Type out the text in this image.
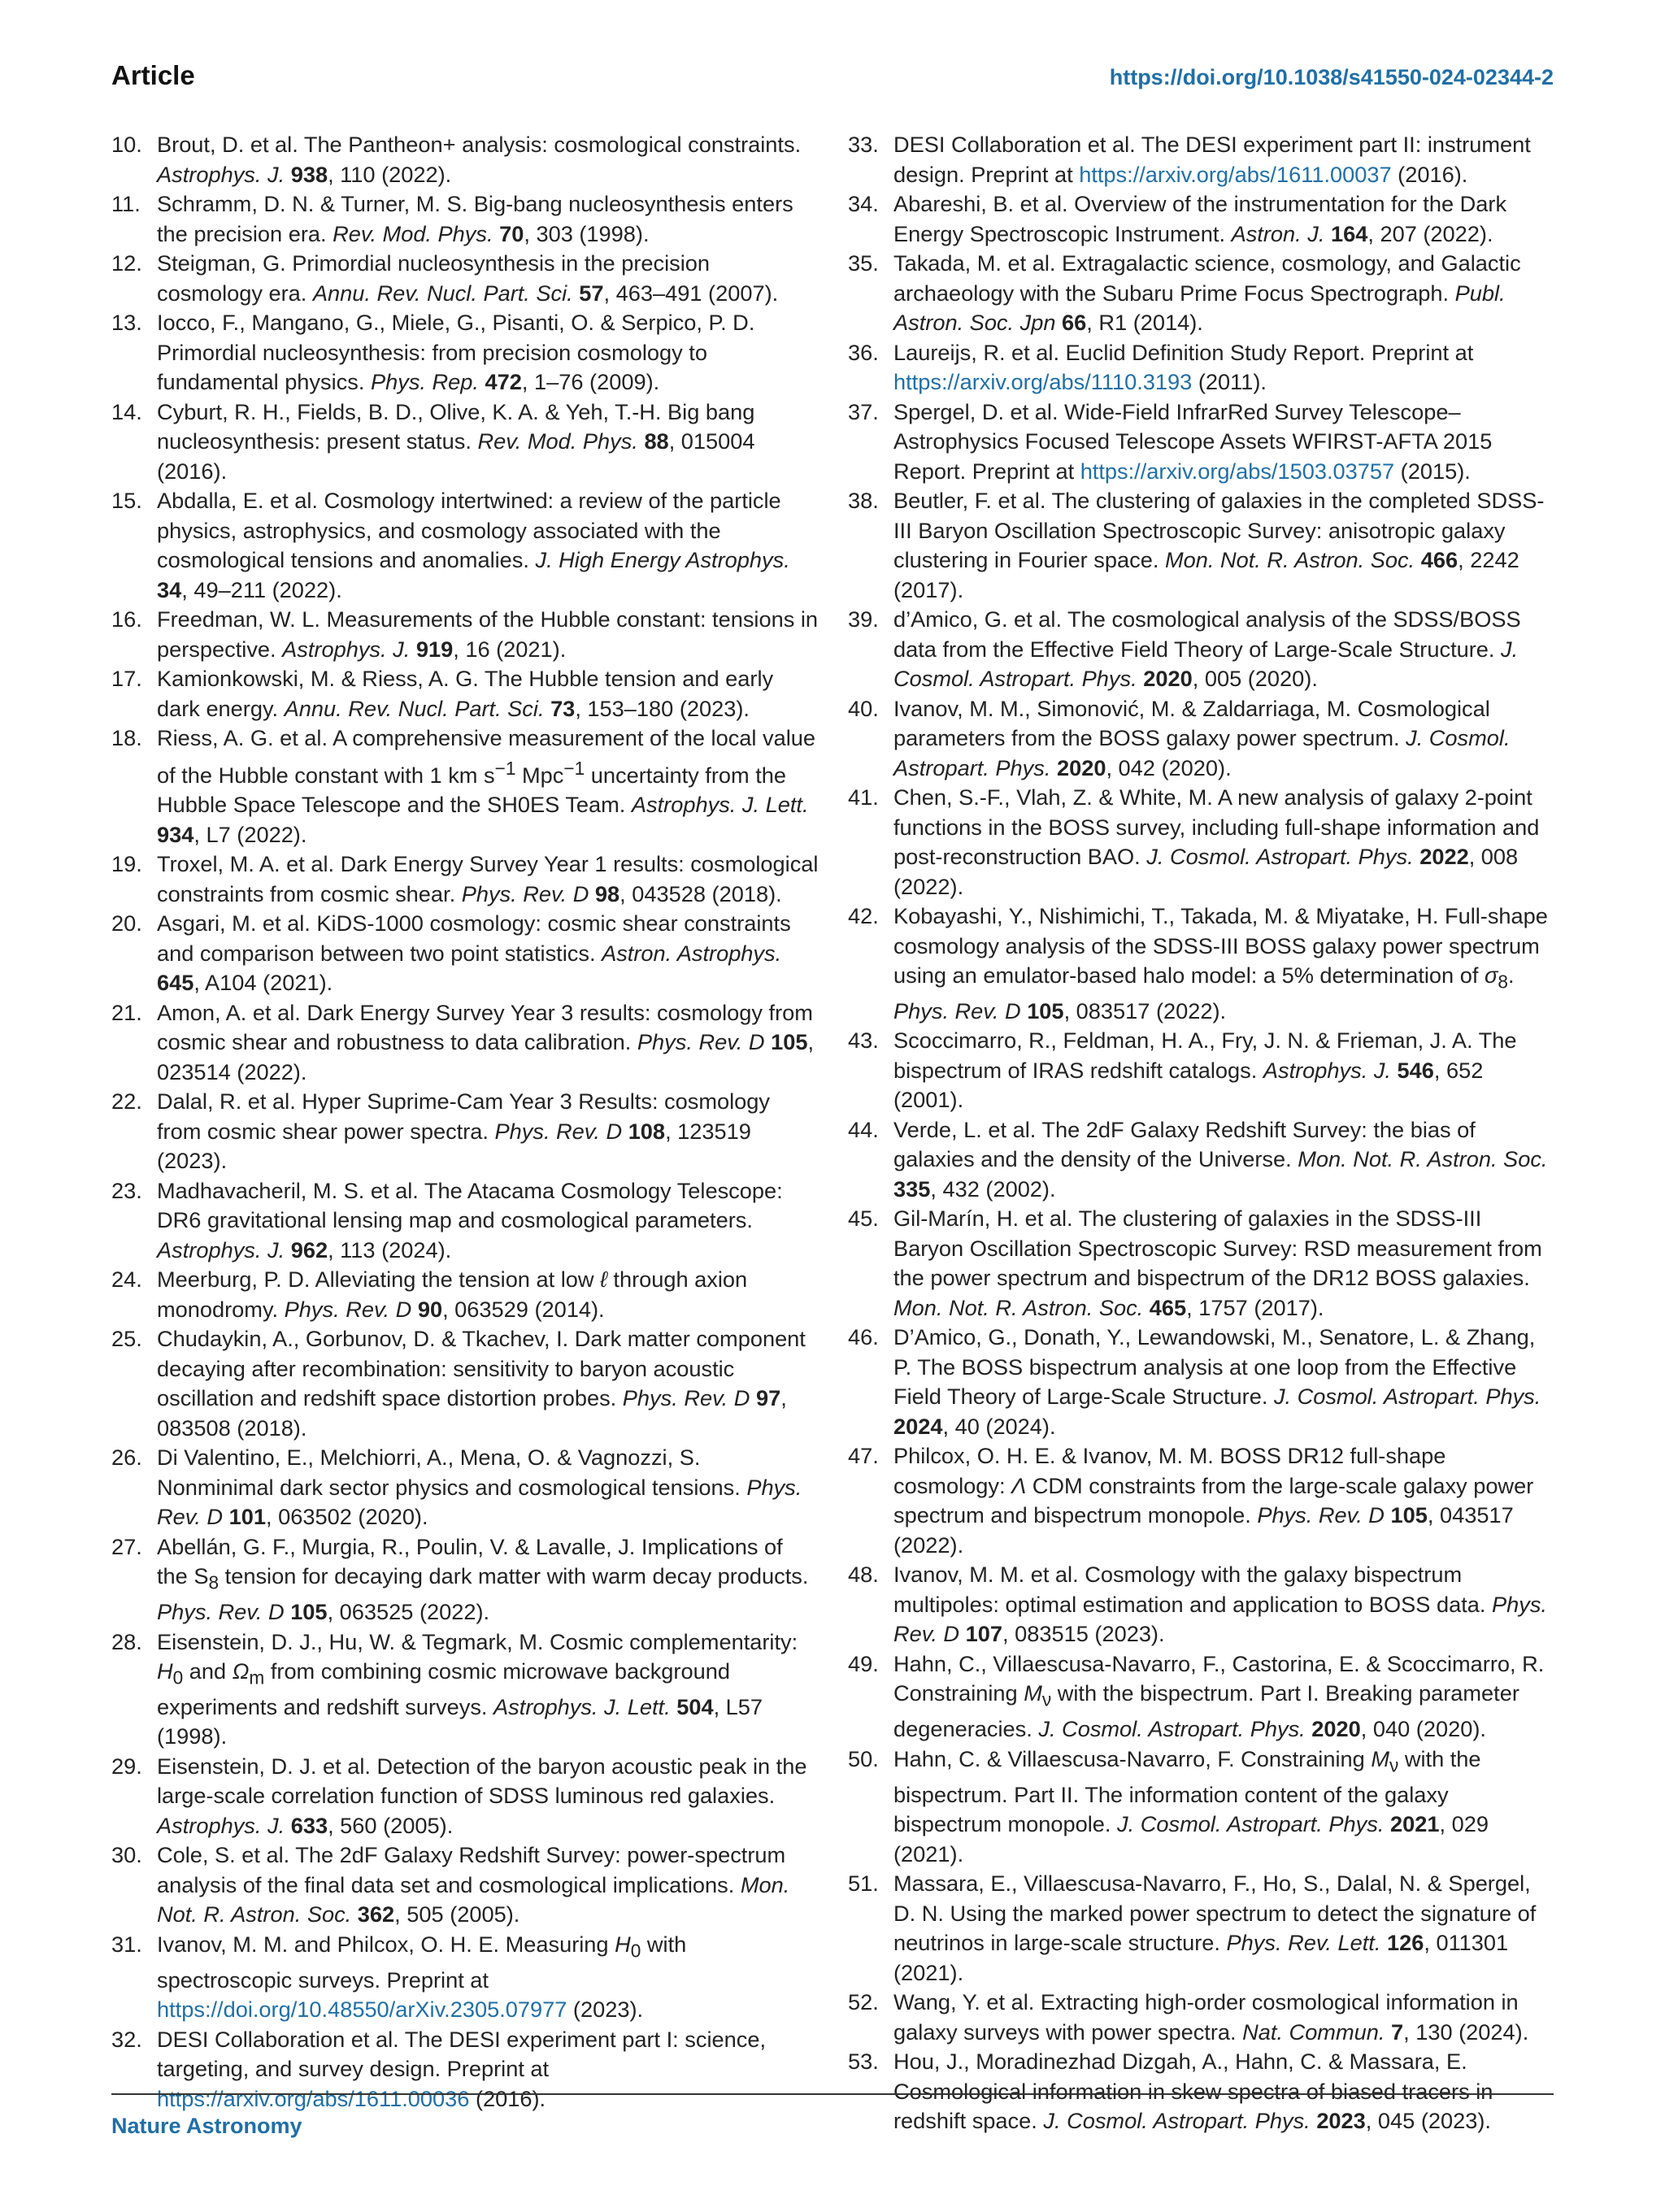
Article	https://doi.org/10.1038/s41550-024-02344-2
10. Brout, D. et al. The Pantheon+ analysis: cosmological constraints. Astrophys. J. 938, 110 (2022).
11. Schramm, D. N. & Turner, M. S. Big-bang nucleosynthesis enters the precision era. Rev. Mod. Phys. 70, 303 (1998).
12. Steigman, G. Primordial nucleosynthesis in the precision cosmology era. Annu. Rev. Nucl. Part. Sci. 57, 463–491 (2007).
13. Iocco, F., Mangano, G., Miele, G., Pisanti, O. & Serpico, P. D. Primordial nucleosynthesis: from precision cosmology to fundamental physics. Phys. Rep. 472, 1–76 (2009).
14. Cyburt, R. H., Fields, B. D., Olive, K. A. & Yeh, T.-H. Big bang nucleosynthesis: present status. Rev. Mod. Phys. 88, 015004 (2016).
15. Abdalla, E. et al. Cosmology intertwined: a review of the particle physics, astrophysics, and cosmology associated with the cosmological tensions and anomalies. J. High Energy Astrophys. 34, 49–211 (2022).
16. Freedman, W. L. Measurements of the Hubble constant: tensions in perspective. Astrophys. J. 919, 16 (2021).
17. Kamionkowski, M. & Riess, A. G. The Hubble tension and early dark energy. Annu. Rev. Nucl. Part. Sci. 73, 153–180 (2023).
18. Riess, A. G. et al. A comprehensive measurement of the local value of the Hubble constant with 1 km $s^{-1}$ Mpc$^{-1}$ uncertainty from the Hubble Space Telescope and the SH0ES Team. Astrophys. J. Lett. 934, L7 (2022).
19. Troxel, M. A. et al. Dark Energy Survey Year 1 results: cosmological constraints from cosmic shear. Phys. Rev. D 98, 043528 (2018).
20. Asgari, M. et al. KiDS-1000 cosmology: cosmic shear constraints and comparison between two point statistics. Astron. Astrophys. 645, A104 (2021).
21. Amon, A. et al. Dark Energy Survey Year 3 results: cosmology from cosmic shear and robustness to data calibration. Phys. Rev. D 105, 023514 (2022).
22. Dalal, R. et al. Hyper Suprime-Cam Year 3 Results: cosmology from cosmic shear power spectra. Phys. Rev. D 108, 123519 (2023).
23. Madhavacheril, M. S. et al. The Atacama Cosmology Telescope: DR6 gravitational lensing map and cosmological parameters. Astrophys. J. 962, 113 (2024).
24. Meerburg, P. D. Alleviating the tension at low ℓ through axion monodromy. Phys. Rev. D 90, 063529 (2014).
25. Chudaykin, A., Gorbunov, D. & Tkachev, I. Dark matter component decaying after recombination: sensitivity to baryon acoustic oscillation and redshift space distortion probes. Phys. Rev. D 97, 083508 (2018).
26. Di Valentino, E., Melchiorri, A., Mena, O. & Vagnozzi, S. Nonminimal dark sector physics and cosmological tensions. Phys. Rev. D 101, 063502 (2020).
27. Abellán, G. F., Murgia, R., Poulin, V. & Lavalle, J. Implications of the $S_8$ tension for decaying dark matter with warm decay products. Phys. Rev. D 105, 063525 (2022).
28. Eisenstein, D. J., Hu, W. & Tegmark, M. Cosmic complementarity: $H_0$ and $\Omega_m$ from combining cosmic microwave background experiments and redshift surveys. Astrophys. J. Lett. 504, L57 (1998).
29. Eisenstein, D. J. et al. Detection of the baryon acoustic peak in the large-scale correlation function of SDSS luminous red galaxies. Astrophys. J. 633, 560 (2005).
30. Cole, S. et al. The 2dF Galaxy Redshift Survey: power-spectrum analysis of the final data set and cosmological implications. Mon. Not. R. Astron. Soc. 362, 505 (2005).
31. Ivanov, M. M. and Philcox, O. H. E. Measuring $H_0$ with spectroscopic surveys. Preprint at https://doi.org/10.48550/arXiv.2305.07977 (2023).
32. DESI Collaboration et al. The DESI experiment part I: science, targeting, and survey design. Preprint at https://arxiv.org/abs/1611.00036 (2016).
33. DESI Collaboration et al. The DESI experiment part II: instrument design. Preprint at https://arxiv.org/abs/1611.00037 (2016).
34. Abareshi, B. et al. Overview of the instrumentation for the Dark Energy Spectroscopic Instrument. Astron. J. 164, 207 (2022).
35. Takada, M. et al. Extragalactic science, cosmology, and Galactic archaeology with the Subaru Prime Focus Spectrograph. Publ. Astron. Soc. Jpn 66, R1 (2014).
36. Laureijs, R. et al. Euclid Definition Study Report. Preprint at https://arxiv.org/abs/1110.3193 (2011).
37. Spergel, D. et al. Wide-Field InfrarRed Survey Telescope–Astrophysics Focused Telescope Assets WFIRST-AFTA 2015 Report. Preprint at https://arxiv.org/abs/1503.03757 (2015).
38. Beutler, F. et al. The clustering of galaxies in the completed SDSS-III Baryon Oscillation Spectroscopic Survey: anisotropic galaxy clustering in Fourier space. Mon. Not. R. Astron. Soc. 466, 2242 (2017).
39. d’Amico, G. et al. The cosmological analysis of the SDSS/BOSS data from the Effective Field Theory of Large-Scale Structure. J. Cosmol. Astropart. Phys. 2020, 005 (2020).
40. Ivanov, M. M., Simonović, M. & Zaldarriaga, M. Cosmological parameters from the BOSS galaxy power spectrum. J. Cosmol. Astropart. Phys. 2020, 042 (2020).
41. Chen, S.-F., Vlah, Z. & White, M. A new analysis of galaxy 2-point functions in the BOSS survey, including full-shape information and post-reconstruction BAO. J. Cosmol. Astropart. Phys. 2022, 008 (2022).
42. Kobayashi, Y., Nishimichi, T., Takada, M. & Miyatake, H. Full-shape cosmology analysis of the SDSS-III BOSS galaxy power spectrum using an emulator-based halo model: a 5% determination of $\sigma_8$. Phys. Rev. D 105, 083517 (2022).
43. Scoccimarro, R., Feldman, H. A., Fry, J. N. & Frieman, J. A. The bispectrum of IRAS redshift catalogs. Astrophys. J. 546, 652 (2001).
44. Verde, L. et al. The 2dF Galaxy Redshift Survey: the bias of galaxies and the density of the Universe. Mon. Not. R. Astron. Soc. 335, 432 (2002).
45. Gil-Marín, H. et al. The clustering of galaxies in the SDSS-III Baryon Oscillation Spectroscopic Survey: RSD measurement from the power spectrum and bispectrum of the DR12 BOSS galaxies. Mon. Not. R. Astron. Soc. 465, 1757 (2017).
46. D’Amico, G., Donath, Y., Lewandowski, M., Senatore, L. & Zhang, P. The BOSS bispectrum analysis at one loop from the Effective Field Theory of Large-Scale Structure. J. Cosmol. Astropart. Phys. 2024, 40 (2024).
47. Philcox, O. H. E. & Ivanov, M. M. BOSS DR12 full-shape cosmology: Λ CDM constraints from the large-scale galaxy power spectrum and bispectrum monopole. Phys. Rev. D 105, 043517 (2022).
48. Ivanov, M. M. et al. Cosmology with the galaxy bispectrum multipoles: optimal estimation and application to BOSS data. Phys. Rev. D 107, 083515 (2023).
49. Hahn, C., Villaescusa-Navarro, F., Castorina, E. & Scoccimarro, R. Constraining $M_\nu$ with the bispectrum. Part I. Breaking parameter degeneracies. J. Cosmol. Astropart. Phys. 2020, 040 (2020).
50. Hahn, C. & Villaescusa-Navarro, F. Constraining $M_\nu$ with the bispectrum. Part II. The information content of the galaxy bispectrum monopole. J. Cosmol. Astropart. Phys. 2021, 029 (2021).
51. Massara, E., Villaescusa-Navarro, F., Ho, S., Dalal, N. & Spergel, D. N. Using the marked power spectrum to detect the signature of neutrinos in large-scale structure. Phys. Rev. Lett. 126, 011301 (2021).
52. Wang, Y. et al. Extracting high-order cosmological information in galaxy surveys with power spectra. Nat. Commun. 7, 130 (2024).
53. Hou, J., Moradinezhad Dizgah, A., Hahn, C. & Massara, E. Cosmological information in skew spectra of biased tracers in redshift space. J. Cosmol. Astropart. Phys. 2023, 045 (2023).
Nature Astronomy
